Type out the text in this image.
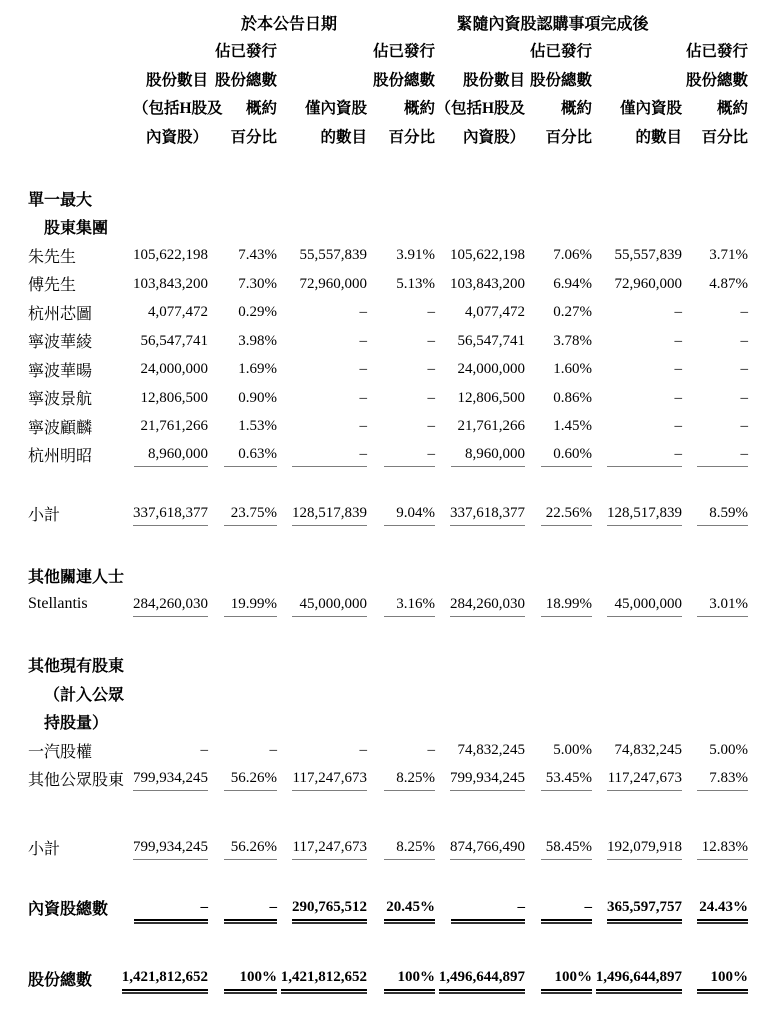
	於本公告日期				緊隨內資股認購事項完成後			
		佔已發行		佔已發行		佔已發行		佔已發行
	股份數目	股份總數		股份總數	股份數目	股份總數		股份總數
	（包括H股及	概約	僅內資股	概約	（包括H股及	概約	僅內資股	概約
	內資股）	百分比	的數目	百分比	內資股）	百分比	的數目	百分比

單一最大								
股東集團								
朱先生	105,622,198	7.43%	55,557,839	3.91%	105,622,198	7.06%	55,557,839	3.71%

傅先生	103,843,200	7.30%	72,960,000	5.13%	103,843,200	6.94%	72,960,000	4.87%

杭州芯圖	4,077,472	0.29%	–	–	4,077,472	0.27%	–	–

寧波華綾	56,547,741	3.98%	–	–	56,547,741	3.78%	–	–

寧波華暘	24,000,000	1.69%	–	–	24,000,000	1.60%	–	–

寧波景航	12,806,500	0.90%	–	–	12,806,500	0.86%	–	–

寧波顧麟	21,761,266	1.53%	–	–	21,761,266	1.45%	–	–

杭州明昭	8,960,000	0.63%	–	–	8,960,000	0.60%	–	–

小計	337,618,377	23.75%	128,517,839	9.04%	337,618,377	22.56%	128,517,839	8.59%

其他關連人士								
Stellantis	284,260,030	19.99%	45,000,000	3.16%	284,260,030	18.99%	45,000,000	3.01%

其他現有股東								
（計入公眾								
持股量）								
一汽股權	–	–	–	–	74,832,245	5.00%	74,832,245	5.00%

其他公眾股東	799,934,245	56.26%	117,247,673	8.25%	799,934,245	53.45%	117,247,673	7.83%

小計	799,934,245	56.26%	117,247,673	8.25%	874,766,490	58.45%	192,079,918	12.83%

內資股總數	–	–	290,765,512	20.45%	–	–	365,597,757	24.43%

股份總數	1,421,812,652	100%	1,421,812,652	100%	1,496,644,897	100%	1,496,644,897	100%
